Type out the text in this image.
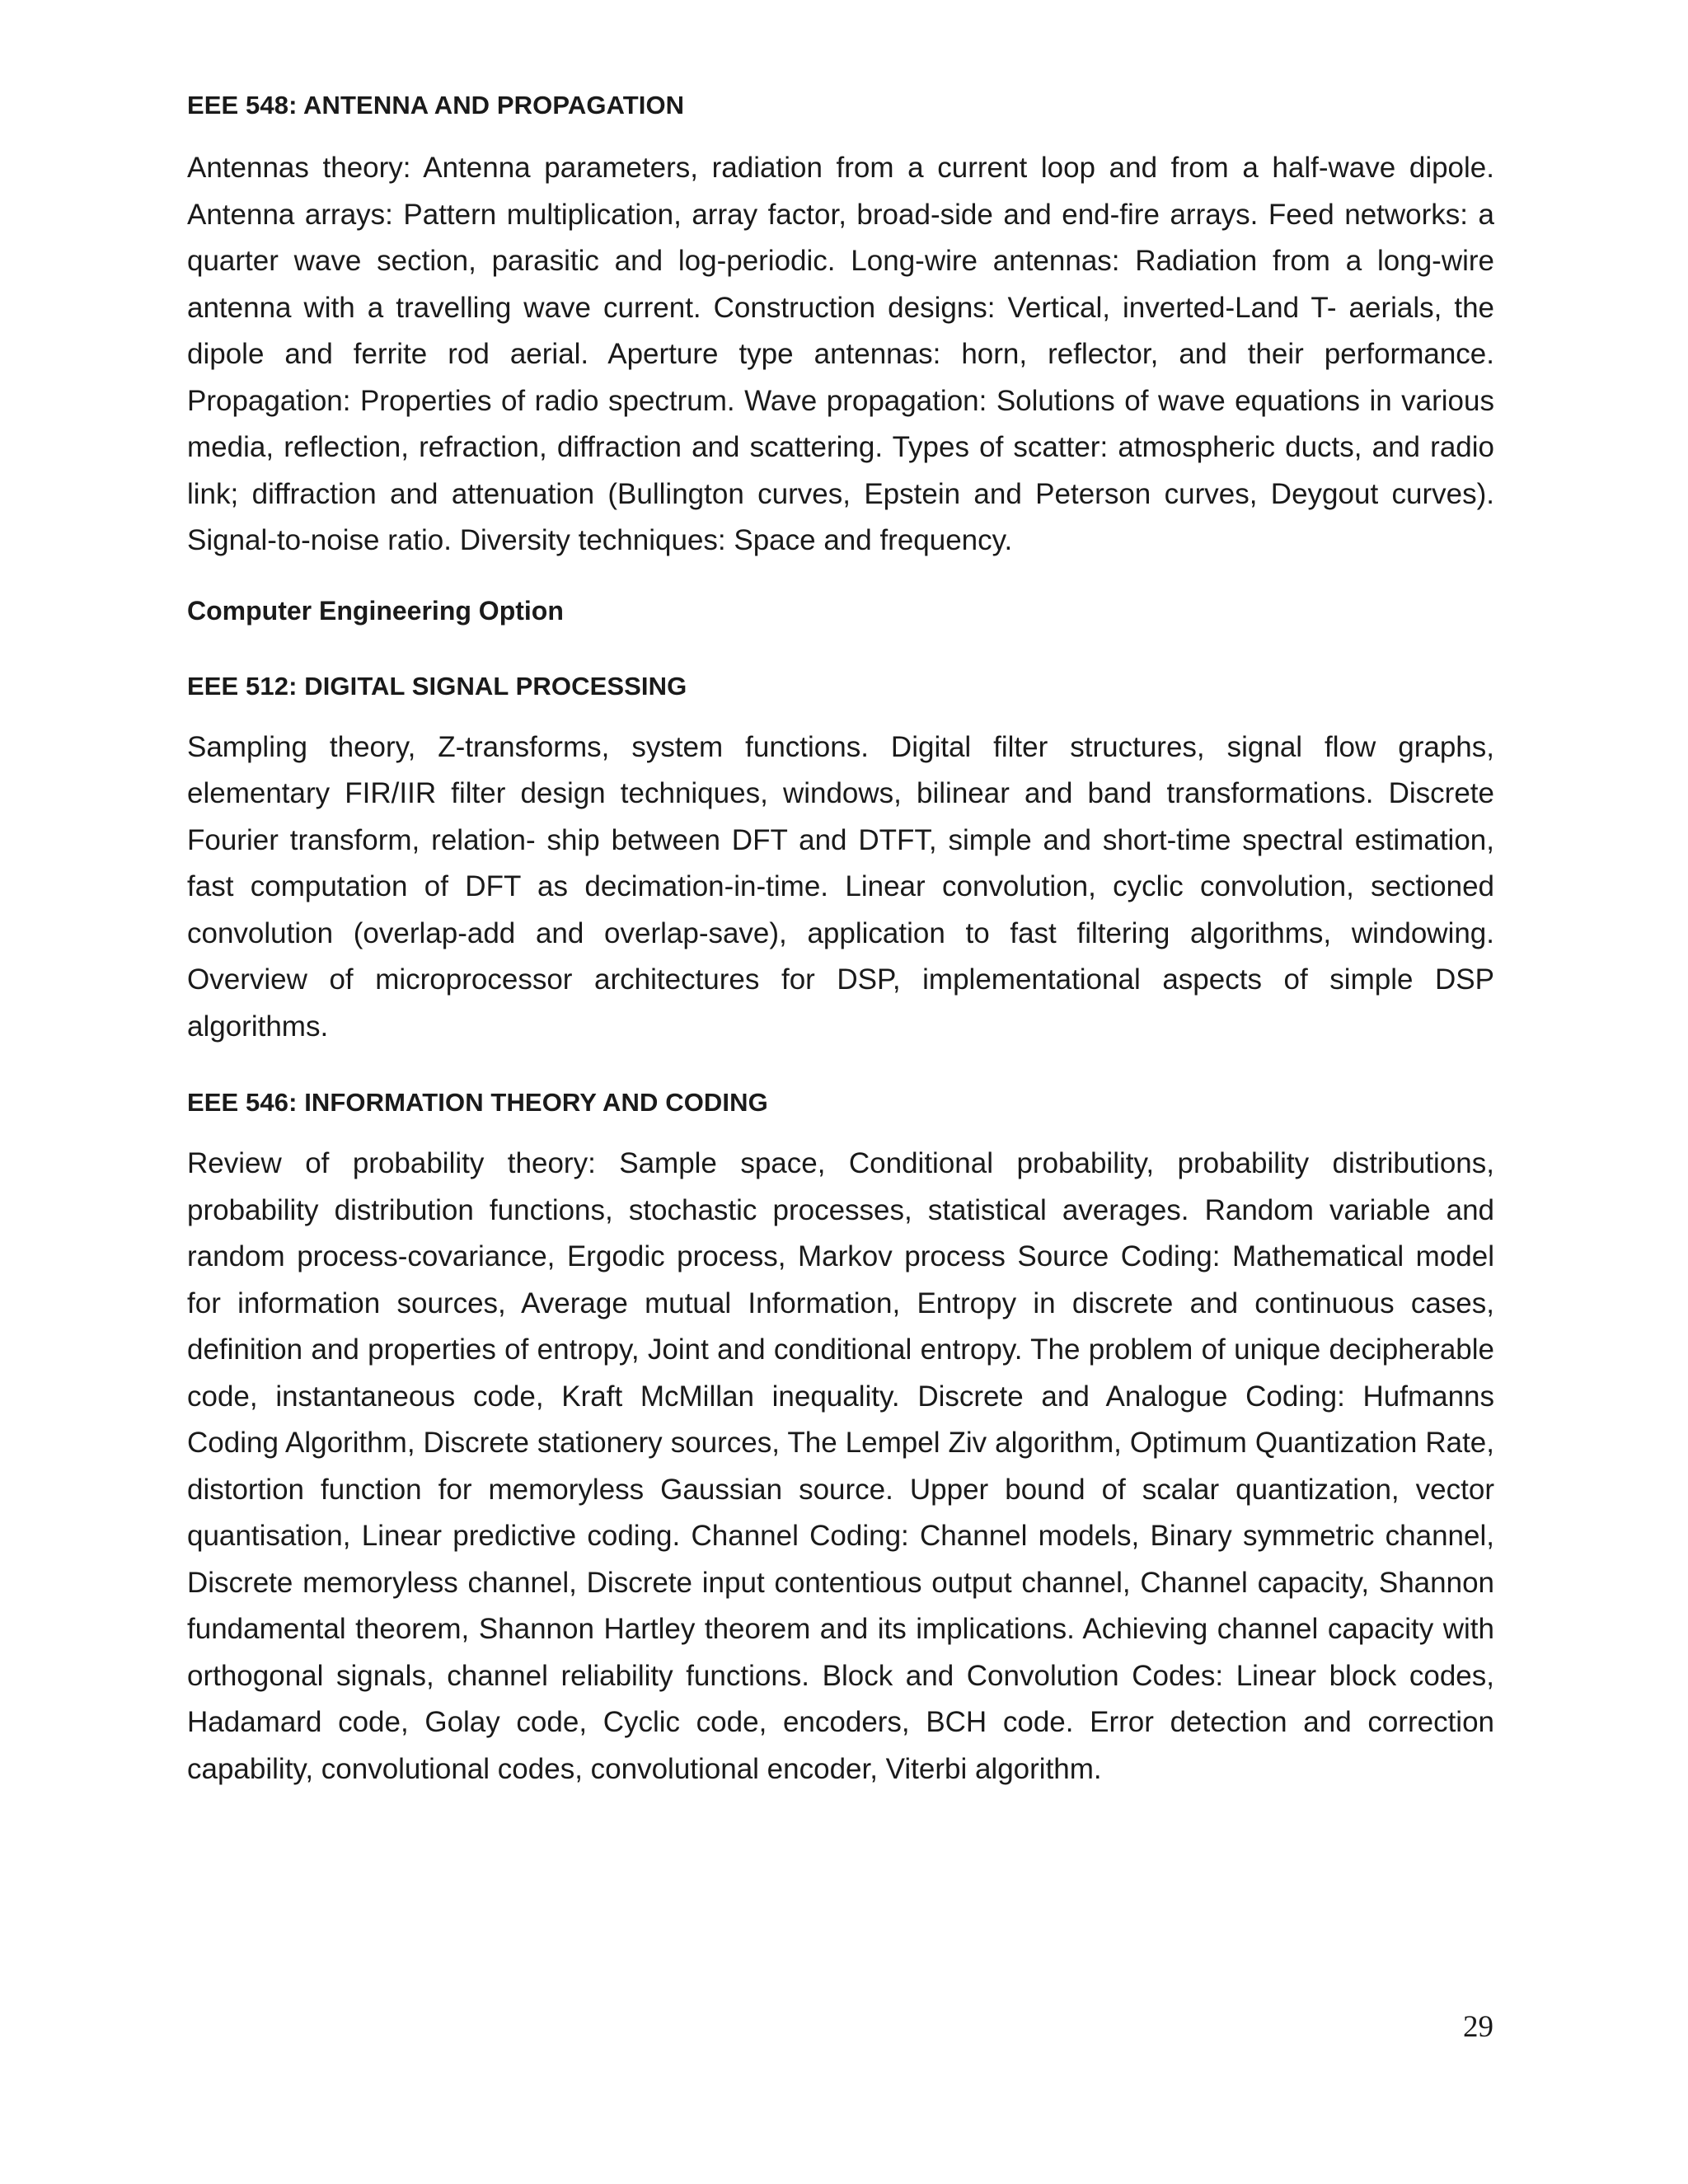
EEE 548: ANTENNA AND PROPAGATION

Antennas theory: Antenna parameters, radiation from a current loop and from a half-wave dipole. Antenna arrays: Pattern multiplication, array factor, broad-side and end-fire arrays. Feed networks: a quarter wave section, parasitic and log-periodic. Long-wire antennas: Radiation from a long-wire antenna with a travelling wave current. Construction designs: Vertical, inverted-Land T- aerials, the dipole and ferrite rod aerial. Aperture type antennas: horn, reflector, and their performance. Propagation: Properties of radio spectrum. Wave propagation: Solutions of wave equations in various media, reflection, refraction, diffraction and scattering. Types of scatter: atmospheric ducts, and radio link; diffraction and attenuation (Bullington curves, Epstein and Peterson curves, Deygout curves). Signal-to-noise ratio. Diversity techniques: Space and frequency.

Computer Engineering Option
EEE 512: DIGITAL SIGNAL PROCESSING

Sampling theory, Z-transforms, system functions. Digital filter structures, signal flow graphs, elementary FIR/IIR filter design techniques, windows, bilinear and band transformations. Discrete Fourier transform, relation- ship between DFT and DTFT, simple and short-time spectral estimation, fast computation of DFT as decimation-in-time. Linear convolution, cyclic convolution, sectioned convolution (overlap-add and overlap-save), application to fast filtering algorithms, windowing. Overview of microprocessor architectures for DSP, implementational aspects of simple DSP algorithms.

EEE 546: INFORMATION THEORY AND CODING

Review of probability theory: Sample space, Conditional probability, probability distributions, probability distribution functions, stochastic processes, statistical averages. Random variable and random process-covariance, Ergodic process, Markov process Source Coding: Mathematical model for information sources, Average mutual Information, Entropy in discrete and continuous cases, definition and properties of entropy, Joint and conditional entropy. The problem of unique decipherable code, instantaneous code, Kraft McMillan inequality. Discrete and Analogue Coding: Hufmanns Coding Algorithm, Discrete stationery sources, The Lempel Ziv algorithm, Optimum Quantization Rate, distortion function for memoryless Gaussian source. Upper bound of scalar quantization, vector quantisation, Linear predictive coding. Channel Coding: Channel models, Binary symmetric channel, Discrete memoryless channel, Discrete input contentious output channel, Channel capacity, Shannon fundamental theorem, Shannon Hartley theorem and its implications. Achieving channel capacity with orthogonal signals, channel reliability functions. Block and Convolution Codes: Linear block codes, Hadamard code, Golay code, Cyclic code, encoders, BCH code. Error detection and correction capability, convolutional codes, convolutional encoder, Viterbi algorithm.

29
